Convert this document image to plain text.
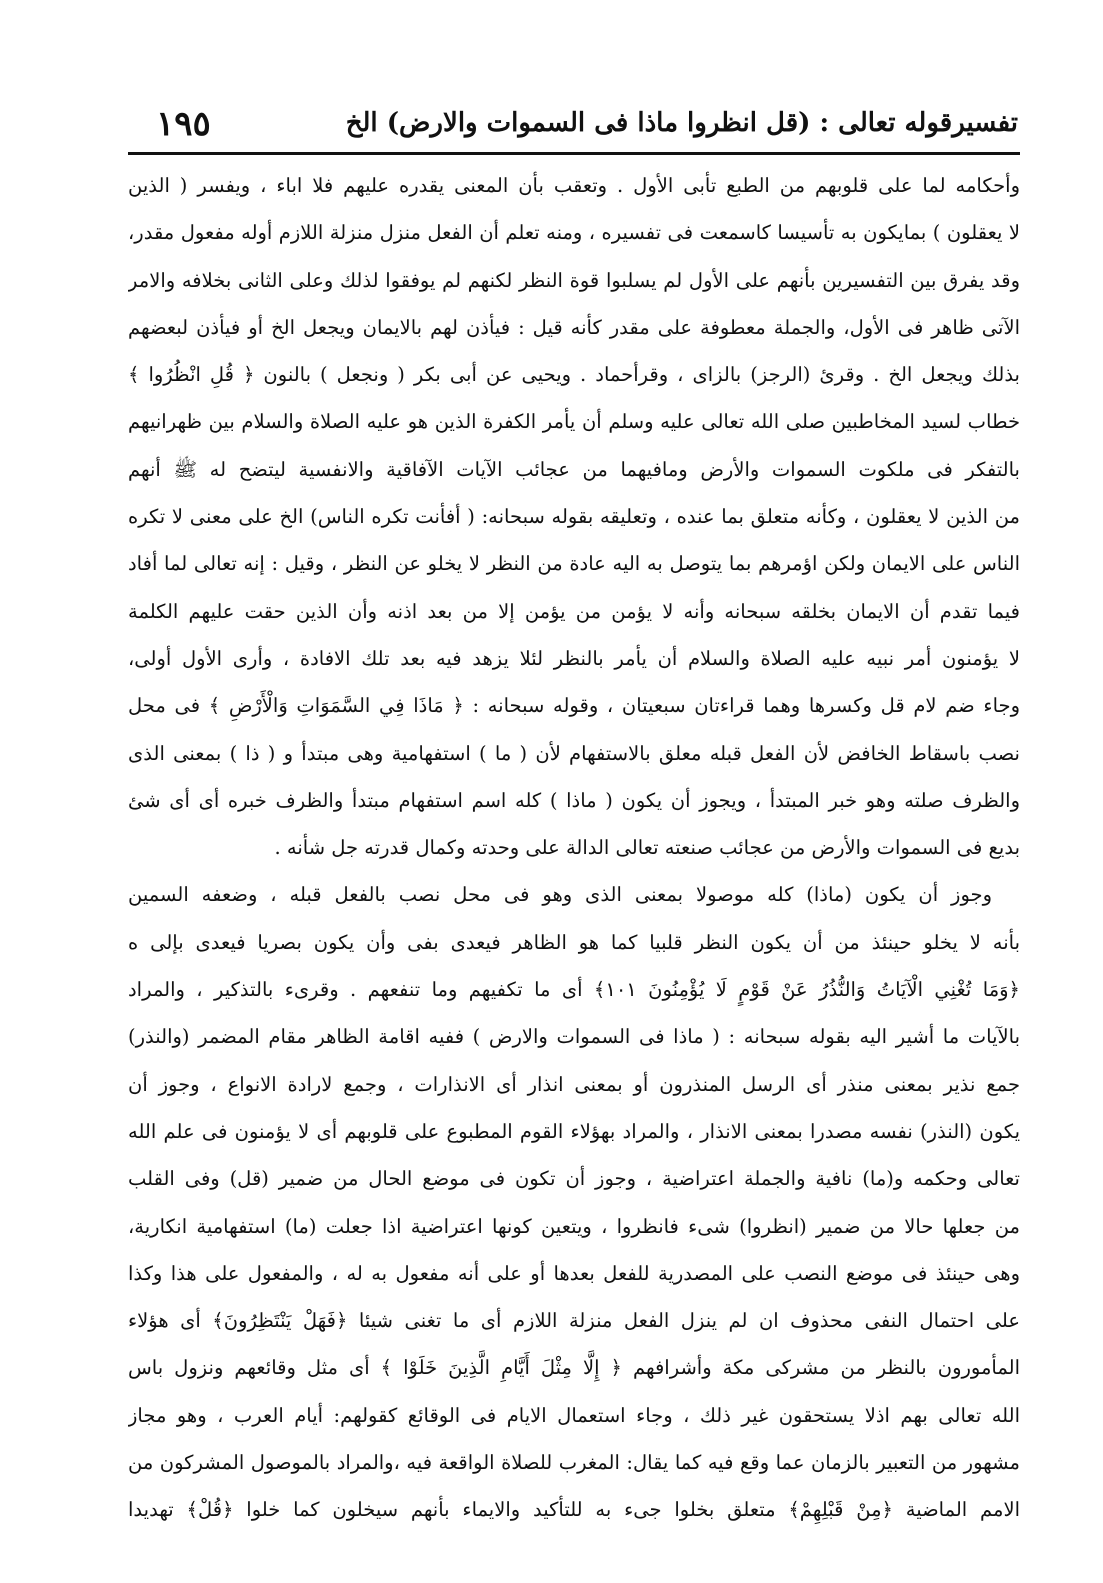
تفسيرقوله تعالى : (قل انظروا ماذا فى السموات والارض) الخ
١٩٥
وأحكامه لما على قلوبهم من الطبع تأبى الأول . وتعقب بأن المعنى يقدره عليهم فلا اباء ، ويفسر ( الذين
لا يعقلون ) بمايكون به تأسيسا كاسمعت فى تفسيره ، ومنه تعلم أن الفعل منزل منزلة اللازم أوله مفعول مقدر،
وقد يفرق بين التفسيرين بأنهم على الأول لم يسلبوا قوة النظر لكنهم لم يوفقوا لذلك وعلى الثانى بخلافه والامر
الآتى ظاهر فى الأول، والجملة معطوفة على مقدر كأنه قيل : فيأذن لهم بالايمان ويجعل الخ أو فيأذن لبعضهم
بذلك ويجعل الخ . وقرئ (الرجز) بالزاى ، وقرأحماد . ويحيى عن أبى بكر ( ونجعل ) بالنون ﴿ قُلِ انْظُرُوا ﴾
خطاب لسيد المخاطبين صلى الله تعالى عليه وسلم أن يأمر الكفرة الذين هو عليه الصلاة والسلام بين ظهرانيهم
بالتفكر فى ملكوت السموات والأرض ومافيهما من عجائب الآيات الآفاقية والانفسية ليتضح له ﷺ أنهم
من الذين لا يعقلون ، وكأنه متعلق بما عنده ، وتعليقه بقوله سبحانه: ( أفأنت تكره الناس) الخ على معنى لا تكره
الناس على الايمان ولكن اؤمرهم بما يتوصل به اليه عادة من النظر لا يخلو عن النظر ، وقيل : إنه تعالى لما أفاد
فيما تقدم أن الايمان بخلقه سبحانه وأنه لا يؤمن من يؤمن إلا من بعد اذنه وأن الذين حقت عليهم الكلمة
لا يؤمنون أمر نبيه عليه الصلاة والسلام أن يأمر بالنظر لئلا يزهد فيه بعد تلك الافادة ، وأرى الأول أولى،
وجاء ضم لام قل وكسرها وهما قراءتان سبعيتان ، وقوله سبحانه : ﴿ مَاذَا فِي السَّمَوَاتِ وَالْأَرْضِ ﴾ فى محل
نصب باسقاط الخافض لأن الفعل قبله معلق بالاستفهام لأن ( ما ) استفهامية وهى مبتدأ و ( ذا ) بمعنى الذى
والظرف صلته وهو خبر المبتدأ ، ويجوز أن يكون ( ماذا ) كله اسم استفهام مبتدأ والظرف خبره أى أى شئ
بديع فى السموات والأرض من عجائب صنعته تعالى الدالة على وحدته وكمال قدرته جل شأنه .
وجوز أن يكون (ماذا) كله موصولا بمعنى الذى وهو فى محل نصب بالفعل قبله ، وضعفه السمين
بأنه لا يخلو حينئذ من أن يكون النظر قلبيا كما هو الظاهر فيعدى بفى وأن يكون بصريا فيعدى بإلى ه
﴿وَمَا تُغْنِي الْآيَاتُ وَالنُّذُرُ عَنْ قَوْمٍ لَا يُؤْمِنُونَ ١٠١﴾ أى ما تكفيهم وما تنفعهم . وقرىء بالتذكير ، والمراد
بالآيات ما أشير اليه بقوله سبحانه : ( ماذا فى السموات والارض ) ففيه اقامة الظاهر مقام المضمر (والنذر)
جمع نذير بمعنى منذر أى الرسل المنذرون أو بمعنى انذار أى الانذارات ، وجمع لارادة الانواع ، وجوز أن
يكون (النذر) نفسه مصدرا بمعنى الانذار ، والمراد بهؤلاء القوم المطبوع على قلوبهم أى لا يؤمنون فى علم الله
تعالى وحكمه و(ما) نافية والجملة اعتراضية ، وجوز أن تكون فى موضع الحال من ضمير (قل) وفى القلب
من جعلها حالا من ضمير (انظروا) شىء فانظروا ، ويتعين كونها اعتراضية اذا جعلت (ما) استفهامية انكارية،
وهى حينئذ فى موضع النصب على المصدرية للفعل بعدها أو على أنه مفعول به له ، والمفعول على هذا وكذا
على احتمال النفى محذوف ان لم ينزل الفعل منزلة اللازم أى ما تغنى شيئا ﴿فَهَلْ يَنْتَظِرُونَ﴾ أى هؤلاء
المأمورون بالنظر من مشركى مكة وأشرافهم ﴿ إِلَّا مِثْلَ أَيَّامِ الَّذِينَ خَلَوْا ﴾ أى مثل وقائعهم ونزول باس
الله تعالى بهم اذلا يستحقون غير ذلك ، وجاء استعمال الايام فى الوقائع كقولهم: أيام العرب ، وهو مجاز
مشهور من التعبير بالزمان عما وقع فيه كما يقال: المغرب للصلاة الواقعة فيه ،والمراد بالموصول المشركون من
الامم الماضية ﴿مِنْ قَبْلِهِمْ﴾ متعلق بخلوا جىء به للتأكيد والايماء بأنهم سيخلون كما خلوا ﴿قُلْ﴾ تهديدا
